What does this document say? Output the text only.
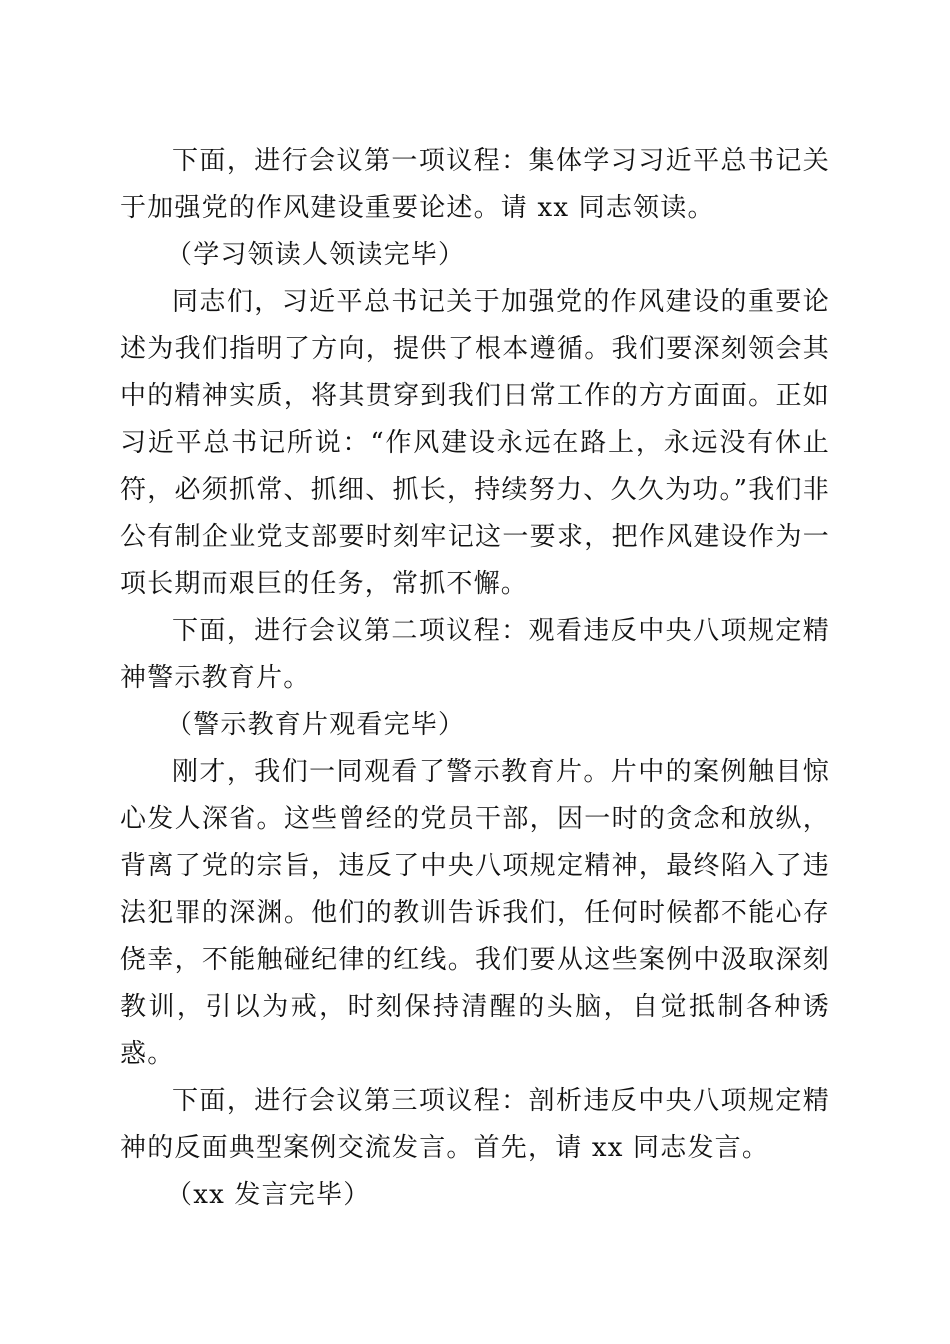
下面，进行会议第一项议程：集体学习习近平总书记关于加强党的作风建设重要论述。请 xx 同志领读。

（学习领读人领读完毕）

同志们，习近平总书记关于加强党的作风建设的重要论述为我们指明了方向，提供了根本遵循。我们要深刻领会其中的精神实质，将其贯穿到我们日常工作的方方面面。正如习近平总书记所说：“作风建设永远在路上，永远没有休止符，必须抓常、抓细、抓长，持续努力、久久为功。”我们非公有制企业党支部要时刻牢记这一要求，把作风建设作为一项长期而艰巨的任务，常抓不懈。

下面，进行会议第二项议程：观看违反中央八项规定精神警示教育片。

（警示教育片观看完毕）

刚才，我们一同观看了警示教育片。片中的案例触目惊心发人深省。这些曾经的党员干部，因一时的贪念和放纵，背离了党的宗旨，违反了中央八项规定精神，最终陷入了违法犯罪的深渊。他们的教训告诉我们，任何时候都不能心存侥幸，不能触碰纪律的红线。我们要从这些案例中汲取深刻教训，引以为戒，时刻保持清醒的头脑，自觉抵制各种诱惑。

下面，进行会议第三项议程：剖析违反中央八项规定精神的反面典型案例交流发言。首先，请 xx 同志发言。

（xx 发言完毕）
